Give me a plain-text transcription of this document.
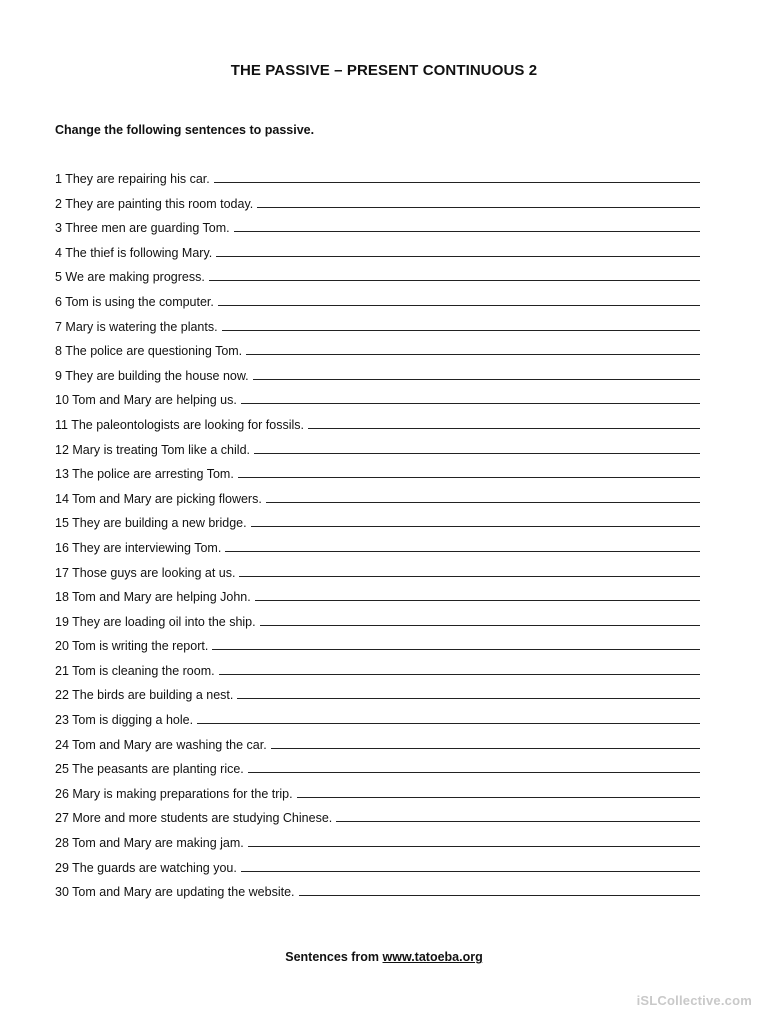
THE PASSIVE – PRESENT CONTINUOUS 2
Change the following sentences to passive.
1 They are repairing his car.
2 They are painting this room today.
3 Three men are guarding Tom.
4 The thief is following Mary.
5 We are making progress.
6 Tom is using the computer.
7 Mary is watering the plants.
8 The police are questioning Tom.
9 They are building the house now.
10 Tom and Mary are helping us.
11 The paleontologists are looking for fossils.
12 Mary is treating Tom like a child.
13 The police are arresting Tom.
14 Tom and Mary are picking flowers.
15 They are building a new bridge.
16 They are interviewing Tom.
17 Those guys are looking at us.
18 Tom and Mary are helping John.
19 They are loading oil into the ship.
20 Tom is writing the report.
21 Tom is cleaning the room.
22 The birds are building a nest.
23 Tom is digging a hole.
24 Tom and Mary are washing the car.
25 The peasants are planting rice.
26 Mary is making preparations for the trip.
27 More and more students are studying Chinese.
28 Tom and Mary are making jam.
29 The guards are watching you.
30 Tom and Mary are updating the website.
Sentences from www.tatoeba.org
iSLCollective.com
